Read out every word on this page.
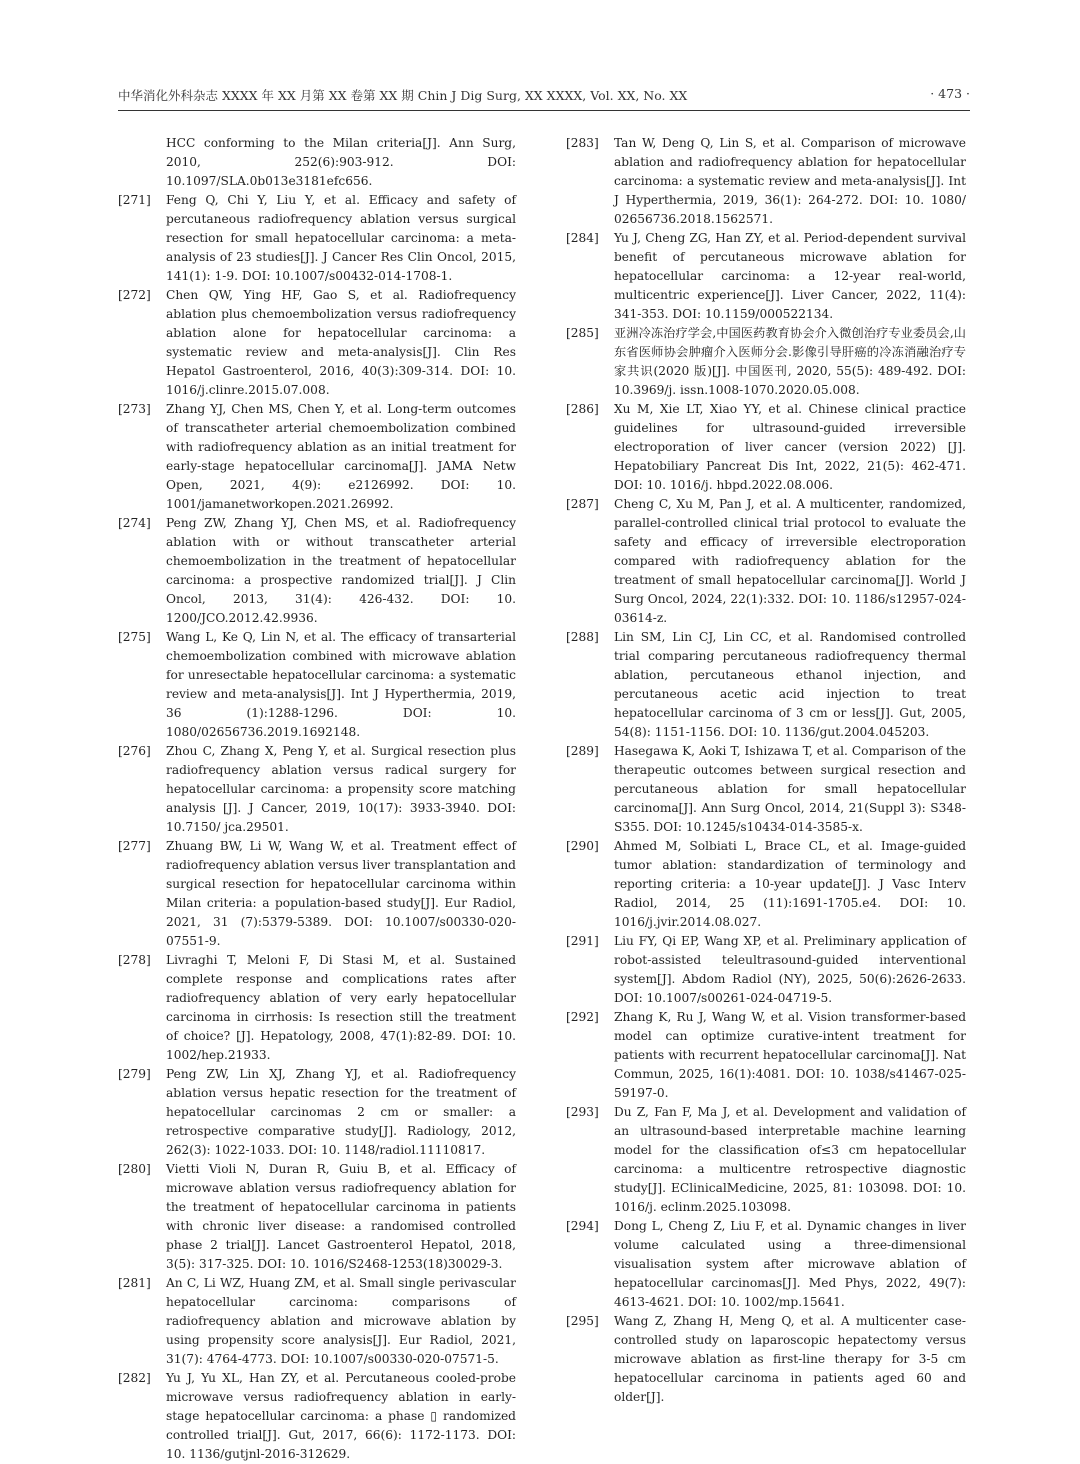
中华消化外科杂志 XXXX 年 XX 月第 XX 卷第 XX 期 Chin J Dig Surg, XX XXXX, Vol. XX, No. XX	· 473 ·
HCC conforming to the Milan criteria[J]. Ann Surg, 2010, 252(6):903-912. DOI: 10.1097/SLA.0b013e3181efc656.
[271]	Feng Q, Chi Y, Liu Y, et al. Efficacy and safety of percutaneous radiofrequency ablation versus surgical resection for small hepatocellular carcinoma: a meta-analysis of 23 studies[J]. J Cancer Res Clin Oncol, 2015, 141(1): 1-9. DOI: 10.1007/s00432-014-1708-1.
[272]	Chen QW, Ying HF, Gao S, et al. Radiofrequency ablation plus chemoembolization versus radiofrequency ablation alone for hepatocellular carcinoma: a systematic review and meta-analysis[J]. Clin Res Hepatol Gastroenterol, 2016, 40(3):309-314. DOI: 10. 1016/j.clinre.2015.07.008.
[273]	Zhang YJ, Chen MS, Chen Y, et al. Long-term outcomes of transcatheter arterial chemoembolization combined with radiofrequency ablation as an initial treatment for early-stage hepatocellular carcinoma[J]. JAMA Netw Open, 2021, 4(9): e2126992. DOI: 10. 1001/jamanetworkopen.2021.26992.
[274]	Peng ZW, Zhang YJ, Chen MS, et al. Radiofrequency ablation with or without transcatheter arterial chemoembolization in the treatment of hepatocellular carcinoma: a prospective randomized trial[J]. J Clin Oncol, 2013, 31(4): 426-432. DOI: 10. 1200/JCO.2012.42.9936.
[275]	Wang L, Ke Q, Lin N, et al. The efficacy of transarterial chemoembolization combined with microwave ablation for unresectable hepatocellular carcinoma: a systematic review and meta-analysis[J]. Int J Hyperthermia, 2019, 36 (1):1288-1296. DOI: 10. 1080/02656736.2019.1692148.
[276]	Zhou C, Zhang X, Peng Y, et al. Surgical resection plus radiofrequency ablation versus radical surgery for hepatocellular carcinoma: a propensity score matching analysis [J]. J Cancer, 2019, 10(17): 3933-3940. DOI: 10.7150/ jca.29501.
[277]	Zhuang BW, Li W, Wang W, et al. Treatment effect of radiofrequency ablation versus liver transplantation and surgical resection for hepatocellular carcinoma within Milan criteria: a population-based study[J]. Eur Radiol, 2021, 31 (7):5379-5389. DOI: 10.1007/s00330-020-07551-9.
[278]	Livraghi T, Meloni F, Di Stasi M, et al. Sustained complete response and complications rates after radiofrequency ablation of very early hepatocellular carcinoma in cirrhosis: Is resection still the treatment of choice? [J]. Hepatology, 2008, 47(1):82-89. DOI: 10. 1002/hep.21933.
[279]	Peng ZW, Lin XJ, Zhang YJ, et al. Radiofrequency ablation versus hepatic resection for the treatment of hepatocellular carcinomas 2 cm or smaller: a retrospective comparative study[J]. Radiology, 2012, 262(3): 1022-1033. DOI: 10. 1148/radiol.11110817.
[280]	Vietti Violi N, Duran R, Guiu B, et al. Efficacy of microwave ablation versus radiofrequency ablation for the treatment of hepatocellular carcinoma in patients with chronic liver disease: a randomised controlled phase 2 trial[J]. Lancet Gastroenterol Hepatol, 2018, 3(5): 317-325. DOI: 10. 1016/S2468-1253(18)30029-3.
[281]	An C, Li WZ, Huang ZM, et al. Small single perivascular hepatocellular carcinoma: comparisons of radiofrequency ablation and microwave ablation by using propensity score analysis[J]. Eur Radiol, 2021, 31(7): 4764-4773. DOI: 10.1007/s00330-020-07571-5.
[282]	Yu J, Yu XL, Han ZY, et al. Percutaneous cooled-probe microwave versus radiofrequency ablation in early-stage hepatocellular carcinoma: a phase ▯ randomized controlled trial[J]. Gut, 2017, 66(6): 1172-1173. DOI: 10. 1136/gutjnl-2016-312629.
[283]	Tan W, Deng Q, Lin S, et al. Comparison of microwave ablation and radiofrequency ablation for hepatocellular carcinoma: a systematic review and meta-analysis[J]. Int J Hyperthermia, 2019, 36(1): 264-272. DOI: 10. 1080/ 02656736.2018.1562571.
[284]	Yu J, Cheng ZG, Han ZY, et al. Period-dependent survival benefit of percutaneous microwave ablation for hepatocellular carcinoma: a 12-year real-world, multicentric experience[J]. Liver Cancer, 2022, 11(4): 341-353. DOI: 10.1159/000522134.
[285]	亚洲冷冻治疗学会,中国医药教育协会介入微创治疗专业委员会,山东省医师协会肿瘤介入医师分会.影像引导肝癌的冷冻消融治疗专家共识(2020 版)[J]. 中国医刊, 2020, 55(5): 489-492. DOI: 10.3969/j. issn.1008-1070.2020.05.008.
[286]	Xu M, Xie LT, Xiao YY, et al. Chinese clinical practice guidelines for ultrasound-guided irreversible electroporation of liver cancer (version 2022) [J]. Hepatobiliary Pancreat Dis Int, 2022, 21(5): 462-471. DOI: 10. 1016/j. hbpd.2022.08.006.
[287]	Cheng C, Xu M, Pan J, et al. A multicenter, randomized, parallel-controlled clinical trial protocol to evaluate the safety and efficacy of irreversible electroporation compared with radiofrequency ablation for the treatment of small hepatocellular carcinoma[J]. World J Surg Oncol, 2024, 22(1):332. DOI: 10. 1186/s12957-024-03614-z.
[288]	Lin SM, Lin CJ, Lin CC, et al. Randomised controlled trial comparing percutaneous radiofrequency thermal ablation, percutaneous ethanol injection, and percutaneous acetic acid injection to treat hepatocellular carcinoma of 3 cm or less[J]. Gut, 2005, 54(8): 1151-1156. DOI: 10. 1136/gut.2004.045203.
[289]	Hasegawa K, Aoki T, Ishizawa T, et al. Comparison of the therapeutic outcomes between surgical resection and percutaneous ablation for small hepatocellular carcinoma[J]. Ann Surg Oncol, 2014, 21(Suppl 3): S348-S355. DOI: 10.1245/s10434-014-3585-x.
[290]	Ahmed M, Solbiati L, Brace CL, et al. Image-guided tumor ablation: standardization of terminology and reporting criteria: a 10-year update[J]. J Vasc Interv Radiol, 2014, 25 (11):1691-1705.e4. DOI: 10. 1016/j.jvir.2014.08.027.
[291]	Liu FY, Qi EP, Wang XP, et al. Preliminary application of robot-assisted teleultrasound-guided interventional system[J]. Abdom Radiol (NY), 2025, 50(6):2626-2633. DOI: 10.1007/s00261-024-04719-5.
[292]	Zhang K, Ru J, Wang W, et al. Vision transformer-based model can optimize curative-intent treatment for patients with recurrent hepatocellular carcinoma[J]. Nat Commun, 2025, 16(1):4081. DOI: 10. 1038/s41467-025-59197-0.
[293]	Du Z, Fan F, Ma J, et al. Development and validation of an ultrasound-based interpretable machine learning model for the classification of≤3 cm hepatocellular carcinoma: a multicentre retrospective diagnostic study[J]. EClinicalMedicine, 2025, 81: 103098. DOI: 10. 1016/j. eclinm.2025.103098.
[294]	Dong L, Cheng Z, Liu F, et al. Dynamic changes in liver volume calculated using a three-dimensional visualisation system after microwave ablation of hepatocellular carcinomas[J]. Med Phys, 2022, 49(7): 4613-4621. DOI: 10. 1002/mp.15641.
[295]	Wang Z, Zhang H, Meng Q, et al. A multicenter case-controlled study on laparoscopic hepatectomy versus microwave ablation as first-line therapy for 3-5 cm hepatocellular carcinoma in patients aged 60 and older[J].
